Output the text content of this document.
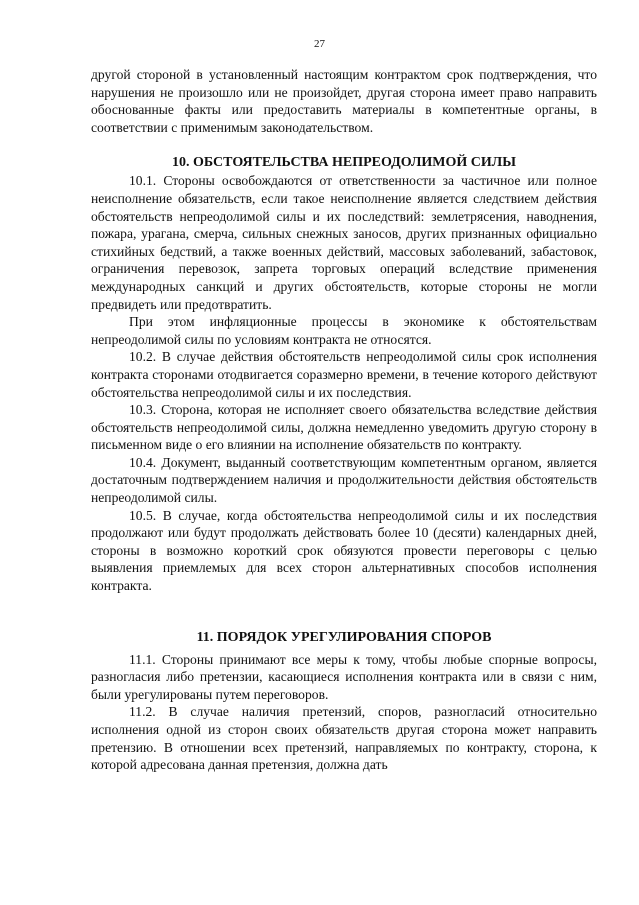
27

другой стороной в установленный настоящим контрактом срок подтверждения, что нарушения не произошло или не произойдет, другая сторона имеет право направить обоснованные факты или предоставить материалы в компетентные органы, в соответствии с применимым законодательством.

10. ОБСТОЯТЕЛЬСТВА НЕПРЕОДОЛИМОЙ СИЛЫ

10.1. Стороны освобождаются от ответственности за частичное или полное неисполнение обязательств, если такое неисполнение является следствием действия обстоятельств непреодолимой силы и их последствий: землетрясения, наводнения, пожара, урагана, смерча, сильных снежных заносов, других признанных официально стихийных бедствий, а также военных действий, массовых заболеваний, забастовок, ограничения перевозок, запрета торговых операций вследствие применения международных санкций и других обстоятельств, которые стороны не могли предвидеть или предотвратить.

При этом инфляционные процессы в экономике к обстоятельствам непреодолимой силы по условиям контракта не относятся.

10.2. В случае действия обстоятельств непреодолимой силы срок исполнения контракта сторонами отодвигается соразмерно времени, в течение которого действуют обстоятельства непреодолимой силы и их последствия.

10.3. Сторона, которая не исполняет своего обязательства вследствие действия обстоятельств непреодолимой силы, должна немедленно уведомить другую сторону в письменном виде о его влиянии на исполнение обязательств по контракту.

10.4. Документ, выданный соответствующим компетентным органом, является достаточным подтверждением наличия и продолжительности действия обстоятельств непреодолимой силы.

10.5. В случае, когда обстоятельства непреодолимой силы и их последствия продолжают или будут продолжать действовать более 10 (десяти) календарных дней, стороны в возможно короткий срок обязуются провести переговоры с целью выявления приемлемых для всех сторон альтернативных способов исполнения контракта.

11. ПОРЯДОК УРЕГУЛИРОВАНИЯ СПОРОВ

11.1. Стороны принимают все меры к тому, чтобы любые спорные вопросы, разногласия либо претензии, касающиеся исполнения контракта или в связи с ним, были урегулированы путем переговоров.

11.2. В случае наличия претензий, споров, разногласий относительно исполнения одной из сторон своих обязательств другая сторона может направить претензию. В отношении всех претензий, направляемых по контракту, сторона, к которой адресована данная претензия, должна дать
